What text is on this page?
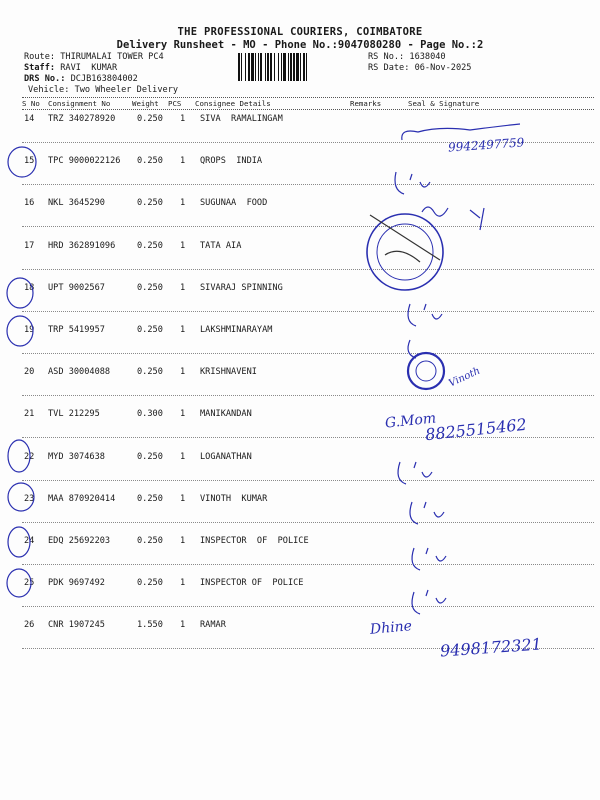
THE PROFESSIONAL COURIERS, COIMBATORE
Delivery Runsheet - MO - Phone No.:9047080280 - Page No.:2
Route: THIRUMALAI TOWER PC4
Staff: RAVI  KUMAR
DRS No.: DCJB163804002
Vehicle: Two Wheeler Delivery
RS No.: 1638040
RS Date: 06-Nov-2025
S No Consignment No	Weight PCS Consignee Details	Remarks	Seal & Signature
14 TRZ 340278920	0.250 1 SIVA  RAMALINGAM
15 TPC 9000022126 0.250 1 QROPS  INDIA
16 NKL 3645290	0.250 1 SUGUNAA  FOOD
17 HRD 362891096	0.250 1 TATA AIA
18 UPT 9002567	0.250 1 SIVARAJ SPINNING
19 TRP 5419957	0.250 1 LAKSHMINARAYAM
20 ASD 30004088	0.250 1 KRISHNAVENI
21 TVL 212295	0.300 1 MANIKANDAN
22 MYD 3074638	0.250 1 LOGANATHAN
23 MAA 870920414	0.250 1 VINOTH  KUMAR
24 EDQ 25692203	0.250 1 INSPECTOR  OF  POLICE
25 PDK 9697492	0.250 1 INSPECTOR OF  POLICE
26 CNR 1907245	1.550 1 RAMAR
9942497759
Vinoth
G.Mom
8825515462
Dhine
9498172321
